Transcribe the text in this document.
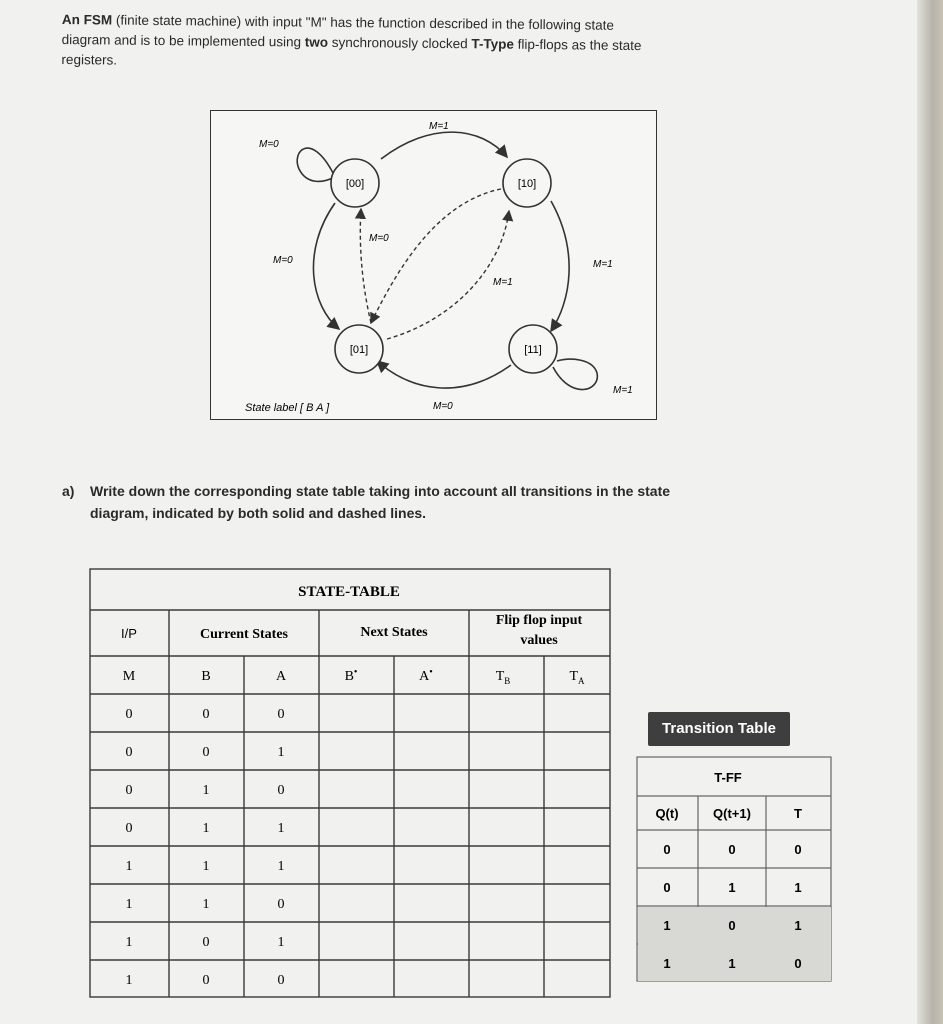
An FSM (finite state machine) with input "M" has the function described in the following state

diagram and is to be implemented using two synchronously clocked T-Type flip-flops as the state

registers.

[00]	[10]
[01]	[11]
M=0
M=1
M=0
M=0	M=1
M=1
M=0
M=1
State label [ B A ]
a) Write down the corresponding state table taking into account all transitions in the state
diagram, indicated by both solid and dashed lines.
STATE-TABLE
I/P	Current States	Next States
Flip flop input
values
M	B	A	B•	A•	$T_B$	$T_A$
0	0	0
0	0	1
0	1	0
0	1	1
1	1	1
1	1	0
1	0	1
1	0	0
Transition Table
T-FF
Q(t)	Q(t+1)	T
0	0	0
0	1	1
1	0	1
1	1	0
